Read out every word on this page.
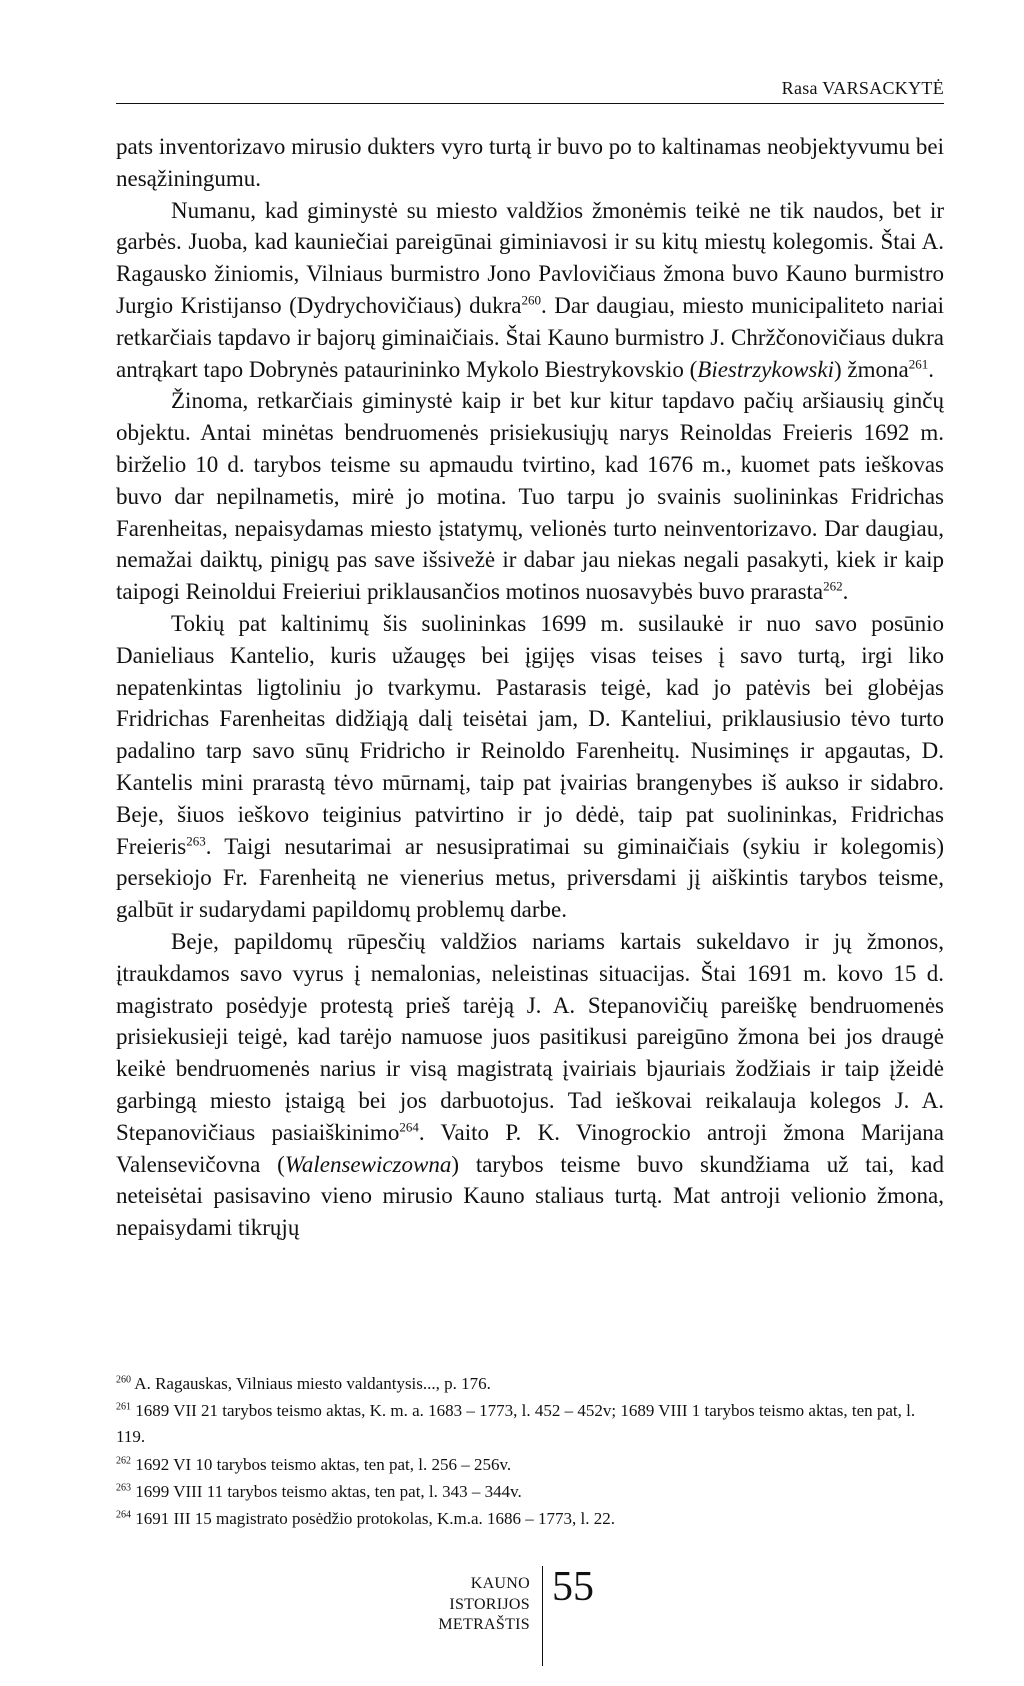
Rasa VARSACKYTĖ

pats inventorizavo mirusio dukters vyro turtą ir buvo po to kaltinamas neobjektyvumu bei nesąžiningumu.

Numanu, kad giminystė su miesto valdžios žmonėmis teikė ne tik naudos, bet ir garbės. Juoba, kad kauniečiai pareigūnai giminiavosi ir su kitų miestų kolegomis. Štai A. Ragausko žiniomis, Vilniaus burmistro Jono Pavlovičiaus žmona buvo Kauno burmistro Jurgio Kristijanso (Dydrychovičiaus) dukra$^{260}$. Dar daugiau, miesto municipaliteto nariai retkarčiais tapdavo ir bajorų giminaičiais. Štai Kauno burmistro J. Chržčonovičiaus dukra antrąkart tapo Dobrynės pataurininko Mykolo Biestrykovskio (Biestrzykowski) žmona$^{261}$.

Žinoma, retkarčiais giminystė kaip ir bet kur kitur tapdavo pačių aršiausių ginčų objektu. Antai minėtas bendruomenės prisiekusiųjų narys Reinoldas Freieris 1692 m. birželio 10 d. tarybos teisme su apmaudu tvirtino, kad 1676 m., kuomet pats ieškovas buvo dar nepilnametis, mirė jo motina. Tuo tarpu jo svainis suolininkas Fridrichas Farenheitas, nepaisydamas miesto įstatymų, velionės turto neinventorizavo. Dar daugiau, nemažai daiktų, pinigų pas save išsivežė ir dabar jau niekas negali pasakyti, kiek ir kaip taipogi Reinoldui Freieriui priklausančios motinos nuosavybės buvo prarasta$^{262}$.

Tokių pat kaltinimų šis suolininkas 1699 m. susilaukė ir nuo savo posūnio Danieliaus Kantelio, kuris užaugęs bei įgijęs visas teises į savo turtą, irgi liko nepatenkintas ligtoliniu jo tvarkymu. Pastarasis teigė, kad jo patėvis bei globėjas Fridrichas Farenheitas didžiąją dalį teisėtai jam, D. Kanteliui, priklausiusio tėvo turto padalino tarp savo sūnų Fridricho ir Reinoldo Farenheitų. Nusiminęs ir apgautas, D. Kantelis mini prarastą tėvo mūrnamį, taip pat įvairias brangenybes iš aukso ir sidabro. Beje, šiuos ieškovo teiginius patvirtino ir jo dėdė, taip pat suolininkas, Fridrichas Freieris$^{263}$. Taigi nesutarimai ar nesusipratimai su giminaičiais (sykiu ir kolegomis) persekiojo Fr. Farenheitą ne vienerius metus, priversdami jį aiškintis tarybos teisme, galbūt ir sudarydami papildomų problemų darbe.

Beje, papildomų rūpesčių valdžios nariams kartais sukeldavo ir jų žmonos, įtraukdamos savo vyrus į nemalonias, neleistinas situacijas. Štai 1691 m. kovo 15 d. magistrato posėdyje protestą prieš tarėją J. A. Stepanovičių pareiškę bendruomenės prisiekusieji teigė, kad tarėjo namuose juos pasitikusi pareigūno žmona bei jos draugė keikė bendruomenės narius ir visą magistratą įvairiais bjauriais žodžiais ir taip įžeidė garbingą miesto įstaigą bei jos darbuotojus. Tad ieškovai reikalauja kolegos J. A. Stepanovičiaus pasiaiškinimo$^{264}$. Vaito P. K. Vinogrockio antroji žmona Marijana Valensevičovna (Walensewiczowna) tarybos teisme buvo skundžiama už tai, kad neteisėtai pasisavino vieno mirusio Kauno staliaus turtą. Mat antroji velionio žmona, nepaisydami tikrųjų

$^{260}$ A. Ragauskas, Vilniaus miesto valdantysis..., p. 176.
$^{261}$ 1689 VII 21 tarybos teismo aktas, K. m. a. 1683 – 1773, l. 452 – 452v; 1689 VIII 1 tarybos teismo aktas, ten pat, l. 119.
$^{262}$ 1692 VI 10 tarybos teismo aktas, ten pat, l. 256 – 256v.
$^{263}$ 1699 VIII 11 tarybos teismo aktas, ten pat, l. 343 – 344v.
$^{264}$ 1691 III 15 magistrato posėdžio protokolas, K.m.a. 1686 – 1773, l. 22.
KAUNO
ISTORIJOS
METRAŠTIS
55
